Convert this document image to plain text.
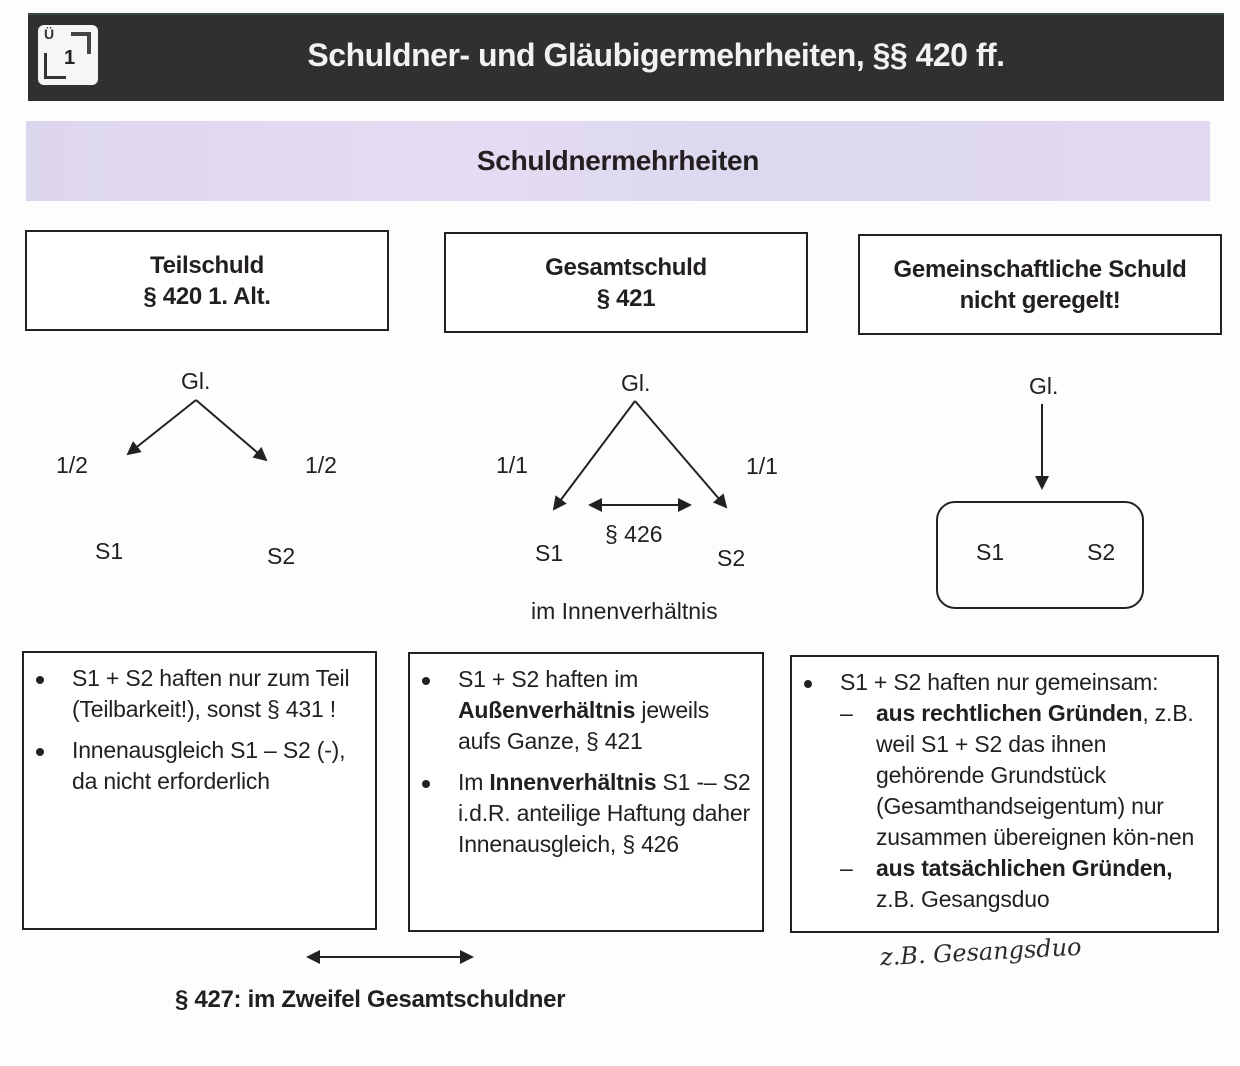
Ü
1	Schuldner- und Gläubigermehrheiten, §§ 420 ff.
Schuldnermehrheiten
Teilschuld
§ 420 1. Alt.
Gesamtschuld
§ 421
Gemeinschaftliche Schuld
nicht geregelt!
Gl.
1/2	1/2
S1	S2
Gl.
1/1	1/1
§ 426
S1	S2
im Innenverhältnis
Gl.
S1	S2
S1 + S2 haften nur zum Teil (Teilbarkeit!), sonst § 431 !
Innenausgleich S1 – S2 (-), da nicht erforderlich
S1 + S2 haften im Außenverhältnis jeweils aufs Ganze, § 421
Im Innenverhältnis S1 -– S2 i.d.R. anteilige Haftung daher Innenausgleich, § 426
S1 + S2 haften nur gemeinsam:
– aus rechtlichen Gründen, z.B. weil S1 + S2 das ihnen gehörende Grundstück (Gesamthandseigentum) nur zusammen übereignen kön-nen
– aus tatsächlichen Gründen, z.B. Gesangsduo
§ 427: im Zweifel Gesamtschuldner
z.B. Gesangsduo
